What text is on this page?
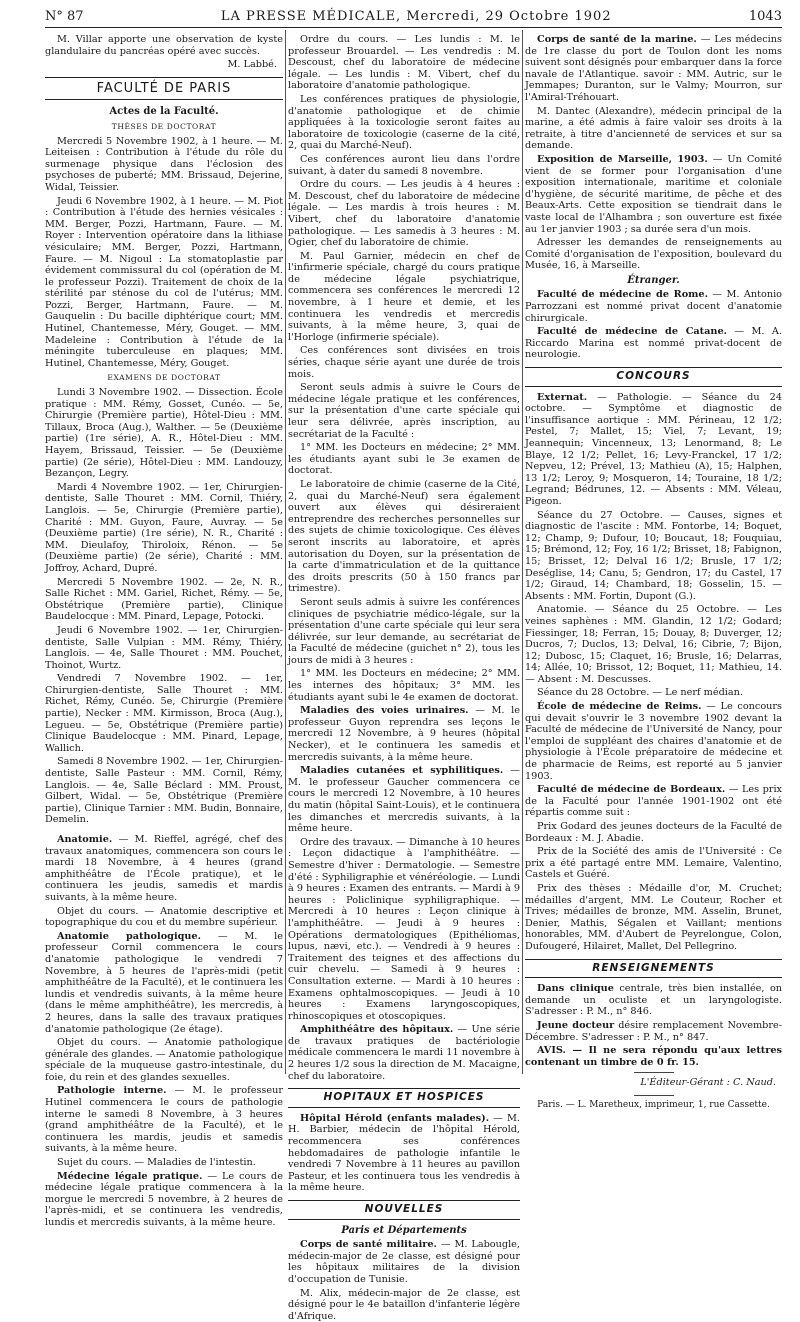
N° 87	LA PRESSE MÉDICALE, Mercredi, 29 Octobre 1902	1043

M. Villar apporte une observation de kyste glandulaire du pancréas opéré avec succès.

M. Labbé.
FACULTÉ DE PARIS
Actes de la Faculté.
THÈSES DE DOCTORAT

Mercredi 5 Novembre 1902, à 1 heure. — M. Leiteisen : Contribution à l'étude du rôle du surmenage physique dans l'éclosion des psychoses de puberté; MM. Brissaud, Dejerine, Widal, Teissier.

Jeudi 6 Novembre 1902, à 1 heure. — M. Piot : Contribution à l'étude des hernies vésicales : MM. Berger, Pozzi, Hartmann, Faure. — M. Royer : Intervention opératoire dans la lithiase vésiculaire; MM. Berger, Pozzi, Hartmann, Faure. — M. Nigoul : La stomatoplastie par évidement commissural du col (opération de M. le professeur Pozzi). Traitement de choix de la stérilité par sténose du col de l'utérus; MM. Pozzi, Berger, Hartmann, Faure. — M. Gauquelin : Du bacille diphtérique court; MM. Hutinel, Chantemesse, Méry, Gouget. — MM. Madeleine : Contribution à l'étude de la méningite tuberculeuse en plaques; MM. Hutinel, Chantemesse, Méry, Gouget.

EXAMENS DE DOCTORAT

Lundi 3 Novembre 1902. — Dissection. École pratique : MM. Rémy, Gosset, Cunéo. — 5e, Chirurgie (Première partie), Hôtel-Dieu : MM. Tillaux, Broca (Aug.), Walther. — 5e (Deuxième partie) (1re série), A. R., Hôtel-Dieu : MM. Hayem, Brissaud, Teissier. — 5e (Deuxième partie) (2e série), Hôtel-Dieu : MM. Landouzy, Bezançon, Legry.

Mardi 4 Novembre 1902. — 1er, Chirurgien-dentiste, Salle Thouret : MM. Cornil, Thiéry, Langlois. — 5e, Chirurgie (Première partie), Charité : MM. Guyon, Faure, Auvray. — 5e (Deuxième partie) (1re série), N. R., Charité : MM. Dieulafoy, Thiroloix, Rénon. — 5e (Deuxième partie) (2e série), Charité : MM. Joffroy, Achard, Dupré.

Mercredi 5 Novembre 1902. — 2e, N. R., Salle Richet : MM. Gariel, Richet, Rémy. — 5e, Obstétrique (Première partie), Clinique Baudelocque : MM. Pinard, Lepage, Potocki.

Jeudi 6 Novembre 1902. — 1er, Chirurgien-dentiste, Salle Vulpian : MM. Rémy, Thiéry, Langlois. — 4e, Salle Thouret : MM. Pouchet, Thoinot, Wurtz.

Vendredi 7 Novembre 1902. — 1er, Chirurgien-dentiste, Salle Thouret : MM. Richet, Rémy, Cunéo. 5e, Chirurgie (Première partie), Necker : MM. Kirmisson, Broca (Aug.), Legueu. — 5e, Obstétrique (Première partie) Clinique Baudelocque : MM. Pinard, Lepage, Wallich.

Samedi 8 Novembre 1902. — 1er, Chirurgien-dentiste, Salle Pasteur : MM. Cornil, Rémy, Langlois. — 4e, Salle Béclard : MM. Proust, Gilbert, Widal. — 5e, Obstétrique (Première partie), Clinique Tarnier : MM. Budin, Bonnaire, Demelin.

Anatomie. — M. Rieffel, agrégé, chef des travaux anatomiques, commencera son cours le mardi 18 Novembre, à 4 heures (grand amphithéâtre de l'École pratique), et le continuera les jeudis, samedis et mardis suivants, à la même heure.

Objet du cours. — Anatomie descriptive et topographique du cou et du membre supérieur.

Anatomie pathologique. — M. le professeur Cornil commencera le cours d'anatomie pathologique le vendredi 7 Novembre, à 5 heures de l'après-midi (petit amphithéâtre de la Faculté), et le continuera les lundis et vendredis suivants, à la même heure (dans le même amphithéâtre), les mercredis, à 2 heures, dans la salle des travaux pratiques d'anatomie pathologique (2e étage).

Objet du cours. — Anatomie pathologique générale des glandes. — Anatomie pathologique spéciale de la muqueuse gastro-intestinale, du foie, du rein et des glandes sexuelles.

Pathologie interne. — M. le professeur Hutinel commencera le cours de pathologie interne le samedi 8 Novembre, à 3 heures (grand amphithéâtre de la Faculté), et le continuera les mardis, jeudis et samedis suivants, à la même heure.

Sujet du cours. — Maladies de l'intestin.

Médecine légale pratique. — Le cours de médecine légale pratique commencera à la morgue le mercredi 5 novembre, à 2 heures de l'après-midi, et se continuera les vendredis, lundis et mercredis suivants, à la même heure.

Ordre du cours. — Les lundis : M. le professeur Brouardel. — Les vendredis : M. Descoust, chef du laboratoire de médecine légale. — Les lundis : M. Vibert, chef du laboratoire d'anatomie pathologique.

Les conférences pratiques de physiologie, d'anatomie pathologique et de chimie appliquées à la toxicologie seront faites au laboratoire de toxicologie (caserne de la cité, 2, quai du Marché-Neuf).

Ces conférences auront lieu dans l'ordre suivant, à dater du samedi 8 novembre.

Ordre du cours. — Les jeudis à 4 heures : M. Descoust, chef du laboratoire de médecine légale. — Les mardis à trois heures : M. Vibert, chef du laboratoire d'anatomie pathologique. — Les samedis à 3 heures : M. Ogier, chef du laboratoire de chimie.

M. Paul Garnier, médecin en chef de l'infirmerie spéciale, chargé du cours pratique de médecine légale psychiatrique, commencera ses conférences le mercredi 12 novembre, à 1 heure et demie, et les continuera les vendredis et mercredis suivants, à la même heure, 3, quai de l'Horloge (infirmerie spéciale).

Ces conférences sont divisées en trois séries, chaque série ayant une durée de trois mois.

Seront seuls admis à suivre le Cours de médecine légale pratique et les conférences, sur la présentation d'une carte spéciale qui leur sera délivrée, après inscription, au secrétariat de la Faculté :

1° MM. les Docteurs en médecine; 2° MM. les étudiants ayant subi le 3e examen de doctorat.

Le laboratoire de chimie (caserne de la Cité, 2, quai du Marché-Neuf) sera également ouvert aux élèves qui désireraient entreprendre des recherches personnelles sur des sujets de chimie toxicologique. Ces élèves seront inscrits au laboratoire, et après autorisation du Doyen, sur la présentation de la carte d'immatriculation et de la quittance des droits prescrits (50 à 150 francs par trimestre).

Seront seuls admis à suivre les conférences cliniques de psychiatrie médico-légale, sur la présentation d'une carte spéciale qui leur sera délivrée, sur leur demande, au secrétariat de la Faculté de médecine (guichet n° 2), tous les jours de midi à 3 heures :

1° MM. les Docteurs en médecine; 2° MM. les internes des hôpitaux; 3° MM. les étudiants ayant subi le 4e examen de doctorat.

Maladies des voies urinaires. — M. le professeur Guyon reprendra ses leçons le mercredi 12 Novembre, à 9 heures (hôpital Necker), et le continuera les samedis et mercredis suivants, à la même heure.

Maladies cutanées et syphilitiques. — M. le professeur Gaucher commencera ce cours le mercredi 12 Novembre, à 10 heures du matin (hôpital Saint-Louis), et le continuera les dimanches et mercredis suivants, à la même heure.

Ordre des travaux. — Dimanche à 10 heures : Leçon didactique à l'amphithéâtre. — Semestre d'hiver : Dermatologie. — Semestre d'été : Syphiligraphie et vénéréologie. — Lundi à 9 heures : Examen des entrants. — Mardi à 9 heures : Policlinique syphiligraphique. — Mercredi à 10 heures : Leçon clinique à l'amphithéâtre. — Jeudi à 9 heures : Opérations dermatologiques (Epithéliomas, lupus, nævi, etc.). — Vendredi à 9 heures : Traitement des teignes et des affections du cuir chevelu. — Samedi à 9 heures : Consultation externe. — Mardi à 10 heures : Examens ophtalmoscopiques. — Jeudi à 10 heures : Examens laryngoscopiques, rhinoscopiques et otoscopiques.

Amphithéâtre des hôpitaux. — Une série de travaux pratiques de bactériologie médicale commencera le mardi 11 novembre à 2 heures 1/2 sous la direction de M. Macaigne, chef du laboratoire.

HOPITAUX ET HOSPICES

Hôpital Hérold (enfants malades). — M. H. Barbier, médecin de l'hôpital Hérold, recommencera ses conférences hebdomadaires de pathologie infantile le vendredi 7 Novembre à 11 heures au pavillon Pasteur, et les continuera tous les vendredis à la même heure.

NOUVELLES
Paris et Départements

Corps de santé militaire. — M. Labougle, médecin-major de 2e classe, est désigné pour les hôpitaux militaires de la division d'occupation de Tunisie.

M. Alix, médecin-major de 2e classe, est désigné pour le 4e bataillon d'infanterie légère d'Afrique.

Corps de santé de la marine. — Les médecins de 1re classe du port de Toulon dont les noms suivent sont désignés pour embarquer dans la force navale de l'Atlantique. savoir : MM. Autric, sur le Jemmapes; Duranton, sur le Valmy; Mourron, sur l'Amiral-Tréhouart.

M. Dantec (Alexandre), médecin principal de la marine, a été admis à faire valoir ses droits à la retraite, à titre d'ancienneté de services et sur sa demande.

Exposition de Marseille, 1903. — Un Comité vient de se former pour l'organisation d'une exposition internationale, maritime et coloniale d'hygiène, de sécurité maritime, de pêche et des Beaux-Arts. Cette exposition se tiendrait dans le vaste local de l'Alhambra ; son ouverture est fixée au 1er janvier 1903 ; sa durée sera d'un mois.

Adresser les demandes de renseignements au Comité d'organisation de l'exposition, boulevard du Musée, 16, à Marseille.

Étranger.

Faculté de médecine de Rome. — M. Antonio Parrozzani est nommé privat docent d'anatomie chirurgicale.

Faculté de médecine de Catane. — M. A. Riccardo Marina est nommé privat-docent de neurologie.

CONCOURS

Externat. — Pathologie. — Séance du 24 octobre. — Symptôme et diagnostic de l'insuffisance aortique : MM. Périneau, 12 1/2; Pestel, 7; Mallet, 15; Viel, 7; Levant, 19; Jeannequin; Vincenneux, 13; Lenormand, 8; Le Blaye, 12 1/2; Pellet, 16; Levy-Franckel, 17 1/2; Nepveu, 12; Prével, 13; Mathieu (A), 15; Halphen, 13 1/2; Leroy, 9; Mosqueron, 14; Touraine, 18 1/2; Legrand; Bédrunes, 12. — Absents : MM. Véleau, Pigeon.

Séance du 27 Octobre. — Causes, signes et diagnostic de l'ascite : MM. Fontorbe, 14; Boquet, 12; Champ, 9; Dufour, 10; Boucaut, 18; Fouquiau, 15; Brémond, 12; Foy, 16 1/2; Brisset, 18; Fabignon, 15; Brisset, 12; Delval 16 1/2; Brusle, 17 1/2; Deséglise, 14; Canu, 5; Gendron, 17; du Castel, 17 1/2; Giraud, 14; Chambard, 18; Gosselin, 15. — Absents : MM. Fortin, Dupont (G.).

Anatomie. — Séance du 25 Octobre. — Les veines saphènes : MM. Glandin, 12 1/2; Godard; Fiessinger, 18; Ferran, 15; Douay, 8; Duverger, 12; Ducros, 7; Duclos, 13; Delval, 16; Cibrie, 7; Bijon, 12; Dubosc, 15; Claquet, 16; Brusle, 16; Delarras, 14; Allée, 10; Brissot, 12; Boquet, 11; Mathieu, 14. — Absent : M. Descusses.

Séance du 28 Octobre. — Le nerf médian.

École de médecine de Reims. — Le concours qui devait s'ouvrir le 3 novembre 1902 devant la Faculté de médecine de l'Université de Nancy, pour l'emploi de suppléant des chaires d'anatomie et de physiologie à l'École préparatoire de médecine et de pharmacie de Reims, est reporté au 5 janvier 1903.

Faculté de médecine de Bordeaux. — Les prix de la Faculté pour l'année 1901-1902 ont été répartis comme suit :

Prix Godard des jeunes docteurs de la Faculté de Bordeaux : M. J. Abadie.

Prix de la Société des amis de l'Université : Ce prix a été partagé entre MM. Lemaire, Valentino, Castels et Guéré.

Prix des thèses : Médaille d'or, M. Cruchet; médailles d'argent, MM. Le Couteur, Rocher et Trives; médailles de bronze, MM. Asselin, Brunet, Denier, Mathis, Ségalen et Vaillant; mentions honorables, MM. d'Aubert de Peyrelongue, Colon, Dufougeré, Hilairet, Mallet, Del Pellegrino.

RENSEIGNEMENTS

Dans clinique centrale, très bien installée, on demande un oculiste et un laryngologiste. S'adresser : P. M., n° 846.

Jeune docteur désire remplacement Novembre-Décembre. S'adresser : P. M., n° 847.

AVIS. — Il ne sera répondu qu'aux lettres contenant un timbre de 0 fr. 15.

L'Éditeur-Gérant : C. Naud.

Paris. — L. Maretheux, imprimeur, 1, rue Cassette.
